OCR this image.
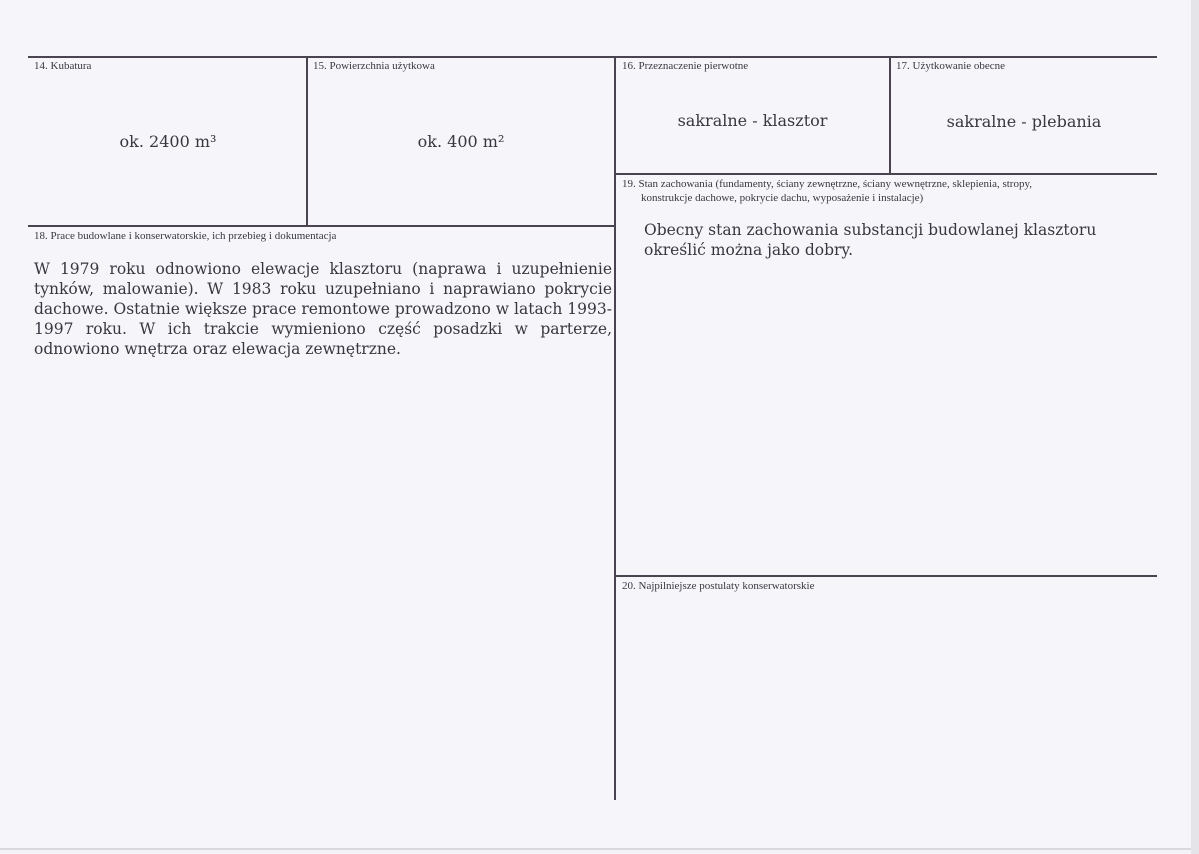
14. Kubatura
ok. 2400 m³
15. Powierzchnia użytkowa
ok. 400 m²
16. Przeznaczenie pierwotne
sakralne - klasztor
17. Użytkowanie obecne
sakralne - plebania
18. Prace budowlane i konserwatorskie, ich przebieg i dokumentacja
W 1979 roku odnowiono elewacje klasztoru (naprawa i uzupełnienie tynków, malowanie). W 1983 roku uzupełniano i naprawiano pokrycie dachowe. Ostatnie większe prace remontowe prowadzono w latach 1993-1997 roku. W ich trakcie wymieniono część posadzki w parterze, odnowiono wnętrza oraz elewacja zewnętrzne.
19. Stan zachowania (fundamenty, ściany zewnętrzne, ściany wewnętrzne, sklepienia, stropy,
konstrukcje dachowe, pokrycie dachu, wyposażenie i instalacje)
Obecny stan zachowania substancji budowlanej klasztoru określić można jako dobry.
20. Najpilniejsze postulaty konserwatorskie
